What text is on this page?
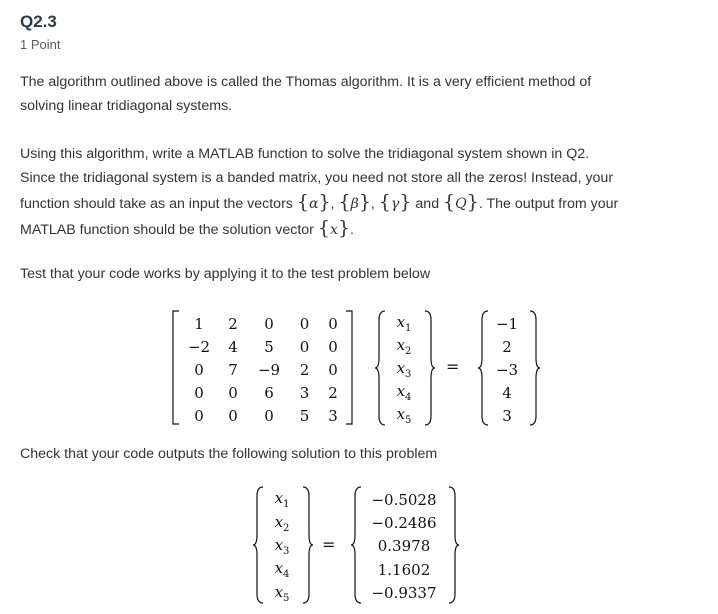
Q2.3
1 Point
The algorithm outlined above is called the Thomas algorithm. It is a very efficient method of
solving linear tridiagonal systems.
Using this algorithm, write a MATLAB function to solve the tridiagonal system shown in Q2.
Since the tridiagonal system is a banded matrix, you need not store all the zeros! Instead, your
function should take as an input the vectors {α}, {β}, {γ} and {Q}. The output from your
MATLAB function should be the solution vector {x}.
Test that your code works by applying it to the test problem below
1	2	0	0	0
−2	4	5	0	0
0	7	−9	2	0
0	0	6	3	2
0	0	0	5	3
$x_1$
$x_2$
$x_3$
$x_4$
$x_5$
=
−1
2
−3
4
3
Check that your code outputs the following solution to this problem
$x_1$
$x_2$
$x_3$
$x_4$
$x_5$
=
−0.5028
−0.2486
0.3978
1.1602
−0.9337
